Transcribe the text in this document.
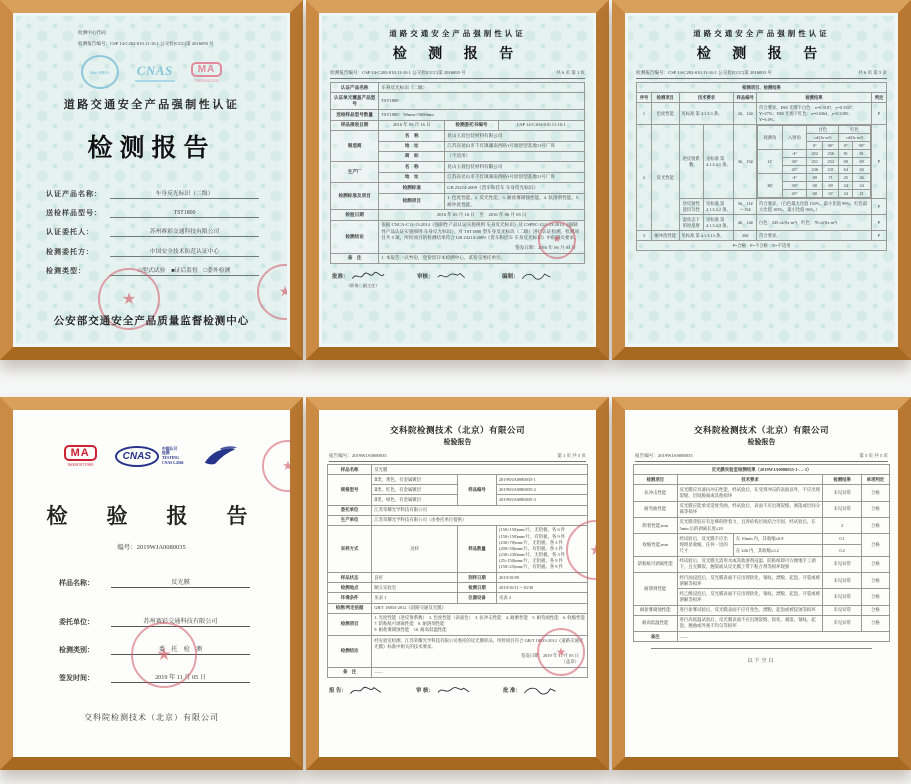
检测中心代码：
检测报告编号：CSP 14-C202-010.11-16.1 公交检[CCC]第 2016093 号
ilac-MRA CNAS	MA
150020021432
道路交通安全产品强制性认证
检测报告
认证产品名称：	车身反光标识（二级）
送检样品型号：	TST1800
认证委托人：	苏州赛彩交通科技有限公司
检测委托方：	中国安全技术防范认证中心
检测类型：	□型式试验　■证后监督　□委外检测
★
★
公安部交通安全产品质量监督检测中心
道路交通安全产品强制性认证
检 测 报 告
检测报告编号：CSP 14-C202-010.11-16.1 公交检[CCC]第 2016093 号	共 6 页 第 1 页
认证产品名称	车身反光标识（二级）		
认证单元覆盖产品型号	TST1800		
送检样品型号数量	TST1800：50mm×5000mm		
样品接收日期	2016 年 05 月 16 日	检测委托书编号	CSP 14-C202-010.11-16.1
制造商	名　称	昆山玉宸包装材料有限公司	
	地　址	江苏省昆山市千灯镇湖南西路1号原创型基地11号厂库	
	商　标	（不适用）	
生产厂	名　称	昆山玉宸包装材料有限公司	
	地　址	江苏省昆山市千灯镇湖南西路1号原创型基地11号厂库	
检测标准及项目	检测标准	GB 23214-2009《货车和挂车 车身反光标识》	
	检测项目	1. 色度性能。2. 反光性能。3. 耐盐雾腐蚀性能。4. 抗溶剂性能。5. 耐冲洗性能。	
检验日期	2016 年 05 月 16 日　至　2016 年 06 月 03 日		
检测结论	依据 CNCA-C11-13:2014《强制性产品认证实施规则 车身反光标识》及 CSPEC-C11-13:2014《强制性产品认证实施细则 车身反光标识》，对 TST1800 型车身反光标识（二级）进行认证检测，检测项目共 5 项，所检项目的检测结果符合 GB 23214-2009《货车和挂车 车身反光标识》中的相关要求。
签发日期：2016 年 06 月 03 日
★

备　注	1. 本报告一式叁份，壹份留存本检测中心，贰份交委托单位。		
批准：	审核：	编制：
（职务：副主任）
道路交通安全产品强制性认证
检 测 报 告
检测报告编号：CSP 14-C202-010.11-16.1 公交检[CCC]第 2016093 号	共 6 页 第 5 页
检测项目、检测结果
序号	检测项目	技术要求	样品编号	检测结果	判定
1	色度性能	见标准 第 4.1.3.3 条。	2#、12#	符合要求。D65 光源下白色：x=0.3187，y=0.3327；Y=27%；D65 光源下红色：x=0.6364，y=0.3385；Y=6.0%；	P
2	反光性能	逆反射系数	见标准 第 4.1.3.4.1 条。	3#、15#	
观测角	入射角	白色	红色
cd/(lx·m²)	cd/(lx·m²)
0°	90°	0°	90°
12′	-4°	252	256	81	81
30°	251	254	69	69
45°	236	231	64	60
30′	-4°	69	71	25	26
30°	68	69	24	24
45°	68	67	24	21
	P
逆反射性能均匀性	见标准 第 4.1.3.4.2 条。	5#、11#～15#	符合要求。（白色最大比值 102%，最小比值 99%；红色最大比值 103%，最小比值 96%。）	P
湿状态下的逆反射	见标准 第 4.1.3.4.3 条。	4#、14#	白色：245 cd/(lx·m²)　红色：78 cd/(lx·m²)	P
3	耐冲洗性能	见标准 第 4.1.3.13 条。	20#	符合要求。	P
P=合格　F=不合格　N=不适用
MA
160001071969
CNAS
中国认可
检测
TESTING
CNAS L4566
检　验　报　告
编号：2019WJA0080035
样品名称：	反光膜
委托单位：	苏州赛彩交通科技有限公司
检测类别：	委　托　检　测
签发时间：	2019 年 11 月 05 日
★
★
交科院检测技术（北京）有限公司
交科院检测技术（北京）有限公司
检验报告
报告编号：2019WJA0080035	第 1 页 共 5 页
样品名称	反光膜		
规格型号	Ⅱ类，黄色，有金属镀层	样品编号	2019WJA0080035-1
	Ⅱ类，红色，有金属镀层		2019WJA0080035-2
	Ⅱ类，绿色，有金属镀层		2019WJA0080035-3
委托单位	江苏荣耀光学科技有限公司		
生产单位	江苏荣耀光学科技有限公司（由委托单位提供）		
采样方式	送样	样品数量	
(150×150)mm/片，无铝板。各 6 件
(150×150)mm/片，有铝板。各 9 件
(230×70)mm/片，无铝板。各 3 件
(200×50)mm/片，有铝板。各 3 件
(230×230)mm/片，无铝板。各 3 件
(25×150)mm/片，无铝板。各 9 件
(150×25)mm/片，有铝板。各 9 件

样品状态	良好	到样日期	2019/10/09
检测地点	顺义实验室	检测日期	2019/10/11～10/30
环境条件	见表 1	仪器设备	见表 2
检测/判定依据	GB/T 18833-2012《道路交通反光膜》		
检测项目	1. 光度性能（逆反射系数）　2. 色度性能（表面色）　3. 抗冲击性能　4. 耐磨性能　5. 耐弯曲性能　6. 收缩性能　7. 防粘纸可剥离性能　8. 耐溶剂性能
9. 耐盐雾腐蚀性能　10. 耐高低温性能		

检测结论	经实验室检测，江苏荣耀光学科技有限公司委托的反光膜样品，所检项目符合 GB/T 18833-2012《道路交通反光膜》标准中相关的技术要求。
签发日期：2019 年 11 月 05 日
（盖章）
★

备　注	——		
报 告：	审 核：	批 准：
★
交科院检测技术（北京）有限公司
检验报告
报告编号：2019WJA0080035	第 5 页 共 5 页
反光膜实验室检测结果（2019WJA0080035-1-…-3）				
检测项目	技术要求		检测结果	单项判定
抗冲击性能	反光膜应具备抗冲击性能，经试验后，在受到冲击的表面以外，不应出现裂缝、层间脱离或其他损坏		未见异常	合格
耐弯曲性能	反光膜应能承受适度弯曲，经试验后，表面不应出现裂缝、剥落或层间分离等损坏		未见异常	合格
附着性能,mm	反光膜背胶应有足够的附着力，且各结构层间结合牢固，经试验后，在 5min 后的剥离长度≤20		2	合格
收缩性能,mm	经试验后，反光膜不应出现明显收缩，任何一边的尺寸	在 10min 内，其收缩≤0.8	0.1	合格
		在 24h 内，其收缩≤3.2	0.2	
防粘纸可剥离性能	经试验后，反光膜无需用水或其他溶剂浸湿，防粘纸即可方便地手工剥下，且无撕裂、翘裂或从反光膜上带下粘合剂等损坏现象		未见异常	合格
耐溶剂性能	经汽油浸泡后，反光膜表面不应出现软化、皱纹、漂脱、起泡、开裂或被溶解等损坏		未见异常	合格
	经乙醇浸泡后，反光膜表面不应出现软化、皱纹、漂脱、起泡、开裂或被溶解等损坏		未见异常	合格
耐盐雾腐蚀性能	进行盐雾试验后，反光膜表面不应有变色、漂脱、起泡或被侵蚀等损坏		未见异常	合格
耐高低温性能	进行高低温试验后，反光膜表面不应出现裂缝、软化、剥落、皱纹、起泡、翘曲或外观不均匀等损坏		未见异常	合格
备注	——			
以下空白
